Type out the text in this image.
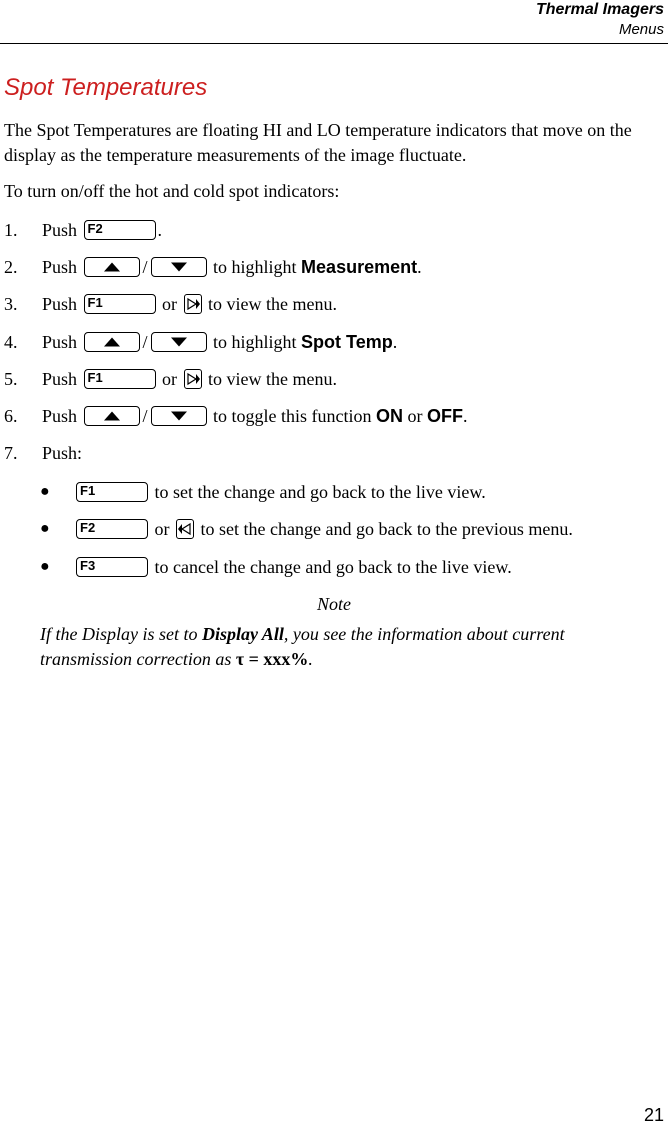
Thermal Imagers
Menus
Spot Temperatures
The Spot Temperatures are floating HI and LO temperature indicators that move on the display as the temperature measurements of the image fluctuate.
To turn on/off the hot and cold spot indicators:
1.	Push
F2	.
2.	Push
	/
	to highlight
Measurement .
3.	Push
F1
	or

to view the menu.
4.	Push
	/
	to highlight
Spot Temp .
5.	Push
F1
	or

to view the menu.
6.	Push
	/
	to toggle this function
ON
or
OFF .
7.	Push:
●	F1
	to set the change and go back to the live view.
●	F2
	or

to set the change and go back to the previous menu.
●	F3
	to cancel the change and go back to the live view.
Note
If the Display is set to Display All, you see the information about current transmission correction as τ = xxx%.
21
